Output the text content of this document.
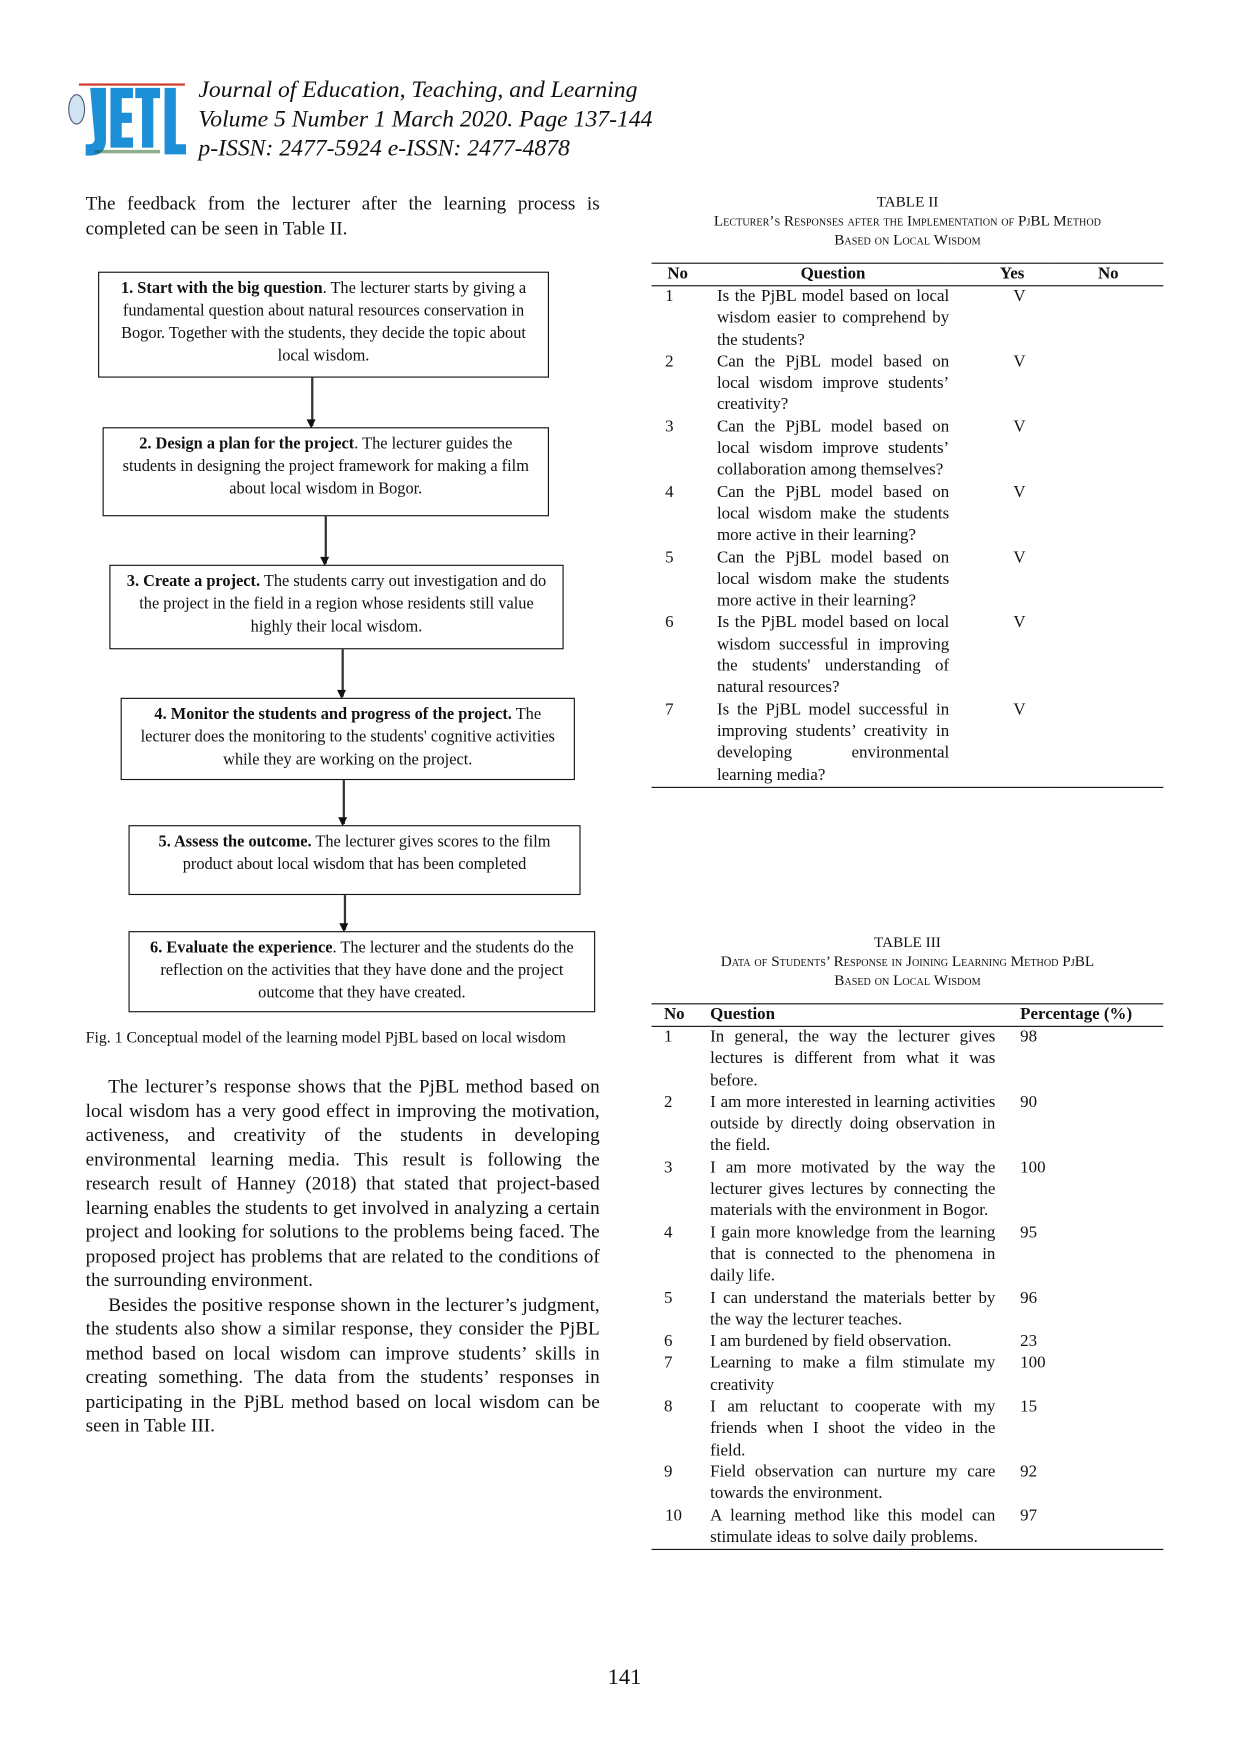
Journal of Education, Teaching, and Learning
Volume 5 Number 1 March 2020. Page 137-144
p-ISSN: 2477-5924 e-ISSN: 2477-4878
The feedback from the lecturer after the learning process is completed can be seen in Table II.
1. Start with the big question. The lecturer starts by giving a fundamental question about natural resources conservation in Bogor. Together with the students, they decide the topic about local wisdom.
2. Design a plan for the project. The lecturer guides the students in designing the project framework for making a film about local wisdom in Bogor.
3. Create a project. The students carry out investigation and do the project in the field in a region whose residents still value highly their local wisdom.
4. Monitor the students and progress of the project. The lecturer does the monitoring to the students' cognitive activities while they are working on the project.
5. Assess the outcome. The lecturer gives scores to the film product about local wisdom that has been completed
6. Evaluate the experience. The lecturer and the students do the reflection on the activities that they have done and the project outcome that they have created.
Fig. 1 Conceptual model of the learning model PjBL based on local wisdom

The lecturer’s response shows that the PjBL method based on local wisdom has a very good effect in improving the motivation, activeness, and creativity of the students in developing environmental learning media. This result is following the research result of Hanney (2018) that stated that project-based learning enables the students to get involved in analyzing a certain project and looking for solutions to the problems being faced. The proposed project has problems that are related to the conditions of the surrounding environment.

Besides the positive response shown in the lecturer’s judgment, the students also show a similar response, they consider the PjBL method based on local wisdom can improve students’ skills in creating something. The data from the students’ responses in participating in the PjBL method based on local wisdom can be seen in Table III.

TABLE II
Lecturer’s Responses after the Implementation of PjBL Method
Based on Local Wisdom
No	Question	Yes	No
1	Is the PjBL model based on local wisdom easier to comprehend by the students?	V	
2	Can the PjBL model based on local wisdom improve students’ creativity?	V	
3	Can the PjBL model based on local wisdom improve students’ collaboration among themselves?	V	
4	Can the PjBL model based on local wisdom make the students more active in their learning?	V	
5	Can the PjBL model based on local wisdom make the students more active in their learning?	V	
6	Is the PjBL model based on local wisdom successful in improving the students' understanding of natural resources?	V	
7	Is the PjBL model successful in improving students’ creativity in developing environmental learning media?	V	
TABLE III
Data of Students’ Response in Joining Learning Method PjBL
Based on Local Wisdom
No	Question	Percentage (%)
1	In general, the way the lecturer gives lectures is different from what it was before.	98
2	I am more interested in learning activities outside by directly doing observation in the field.	90
3	I am more motivated by the way the lecturer gives lectures by connecting the materials with the environment in Bogor.	100
4	I gain more knowledge from the learning that is connected to the phenomena in daily life.	95
5	I can understand the materials better by the way the lecturer teaches.	96
6	I am burdened by field observation.	23
7	Learning to make a film stimulate my creativity	100
8	I am reluctant to cooperate with my friends when I shoot the video in the field.	15
9	Field observation can nurture my care towards the environment.	92
10	A learning method like this model can stimulate ideas to solve daily problems.	97
141
